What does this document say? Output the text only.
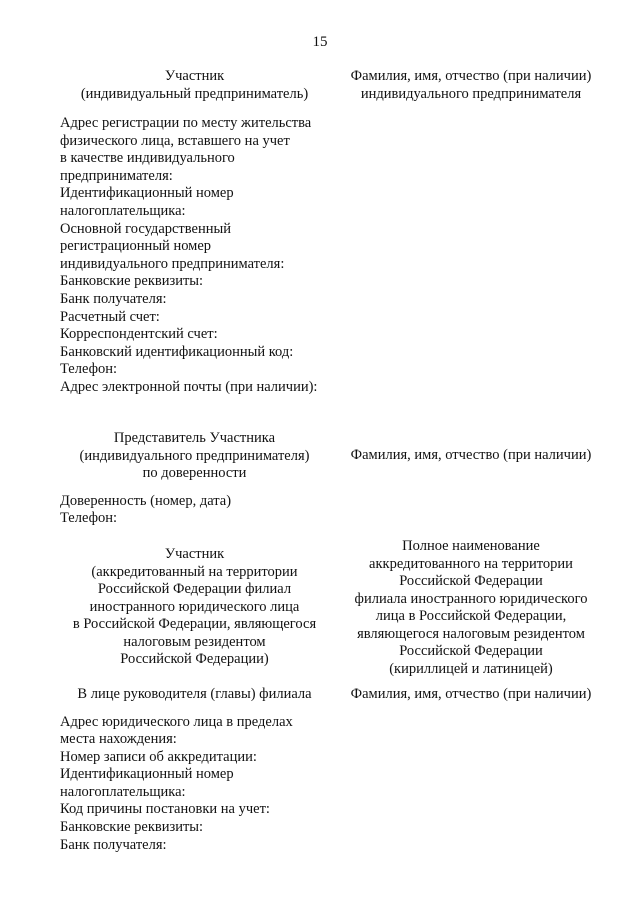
15
Участник
(индивидуальный предприниматель)
Фамилия, имя, отчество (при наличии)
индивидуального предпринимателя
Адрес регистрации по месту жительства
физического лица, вставшего на учет
в качестве индивидуального
предпринимателя:
Идентификационный номер
налогоплательщика:
Основной государственный
регистрационный номер
индивидуального предпринимателя:
Банковские реквизиты:
Банк получателя:
Расчетный счет:
Корреспондентский счет:
Банковский идентификационный код:
Телефон:
Адрес электронной почты (при наличии):
Представитель Участника
(индивидуального предпринимателя)
по доверенности
Фамилия, имя, отчество (при наличии)
Доверенность (номер, дата)
Телефон:
Участник
(аккредитованный на территории
Российской Федерации филиал
иностранного юридического лица
в Российской Федерации, являющегося
налоговым резидентом
Российской Федерации)
Полное наименование
аккредитованного на территории
Российской Федерации
филиала иностранного юридического
лица в Российской Федерации,
являющегося налоговым резидентом
Российской Федерации
(кириллицей и латиницей)
В лице руководителя (главы) филиала	Фамилия, имя, отчество (при наличии)
Адрес юридического лица в пределах
места нахождения:
Номер записи об аккредитации:
Идентификационный номер
налогоплательщика:
Код причины постановки на учет:
Банковские реквизиты:
Банк получателя:
